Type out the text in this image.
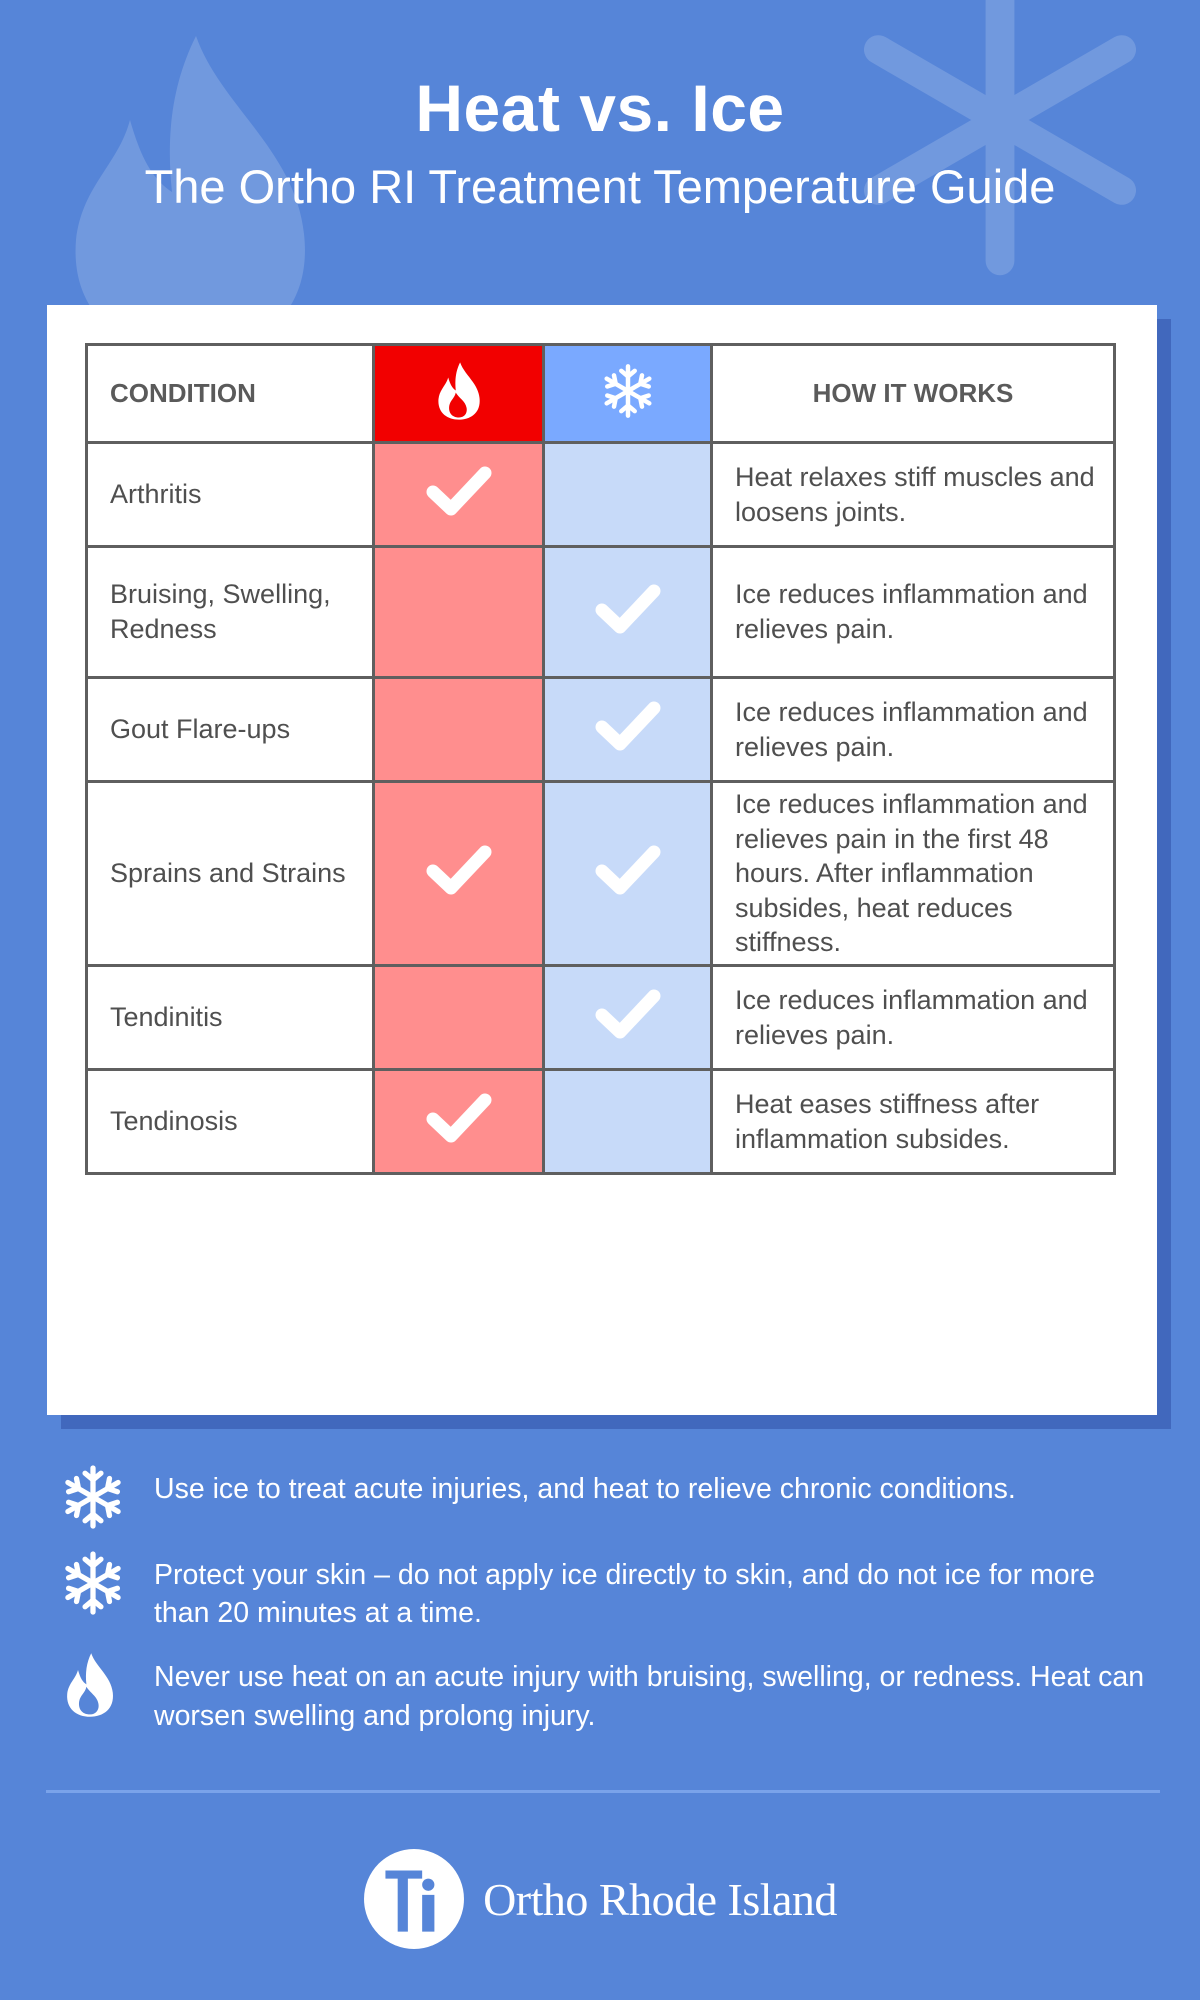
Heat vs. Ice
The Ortho RI Treatment Temperature Guide
CONDITION			HOW IT WORKS
Arthritis			Heat relaxes stiff muscles and loosens joints.
Bruising, Swelling, Redness			Ice reduces inflammation and relieves pain.
Gout Flare-ups			Ice reduces inflammation and relieves pain.
Sprains and Strains			Ice reduces inflammation and relieves pain in the first 48 hours. After inflammation subsides, heat reduces stiffness.
Tendinitis			Ice reduces inflammation and relieves pain.
Tendinosis			Heat eases stiffness after inflammation subsides.
Use ice to treat acute injuries, and heat to relieve chronic conditions.
Protect your skin – do not apply ice directly to skin, and do not ice for more than 20 minutes at a time.
Never use heat on an acute injury with bruising, swelling, or redness. Heat can worsen swelling and prolong injury.
Ortho Rhode Island
